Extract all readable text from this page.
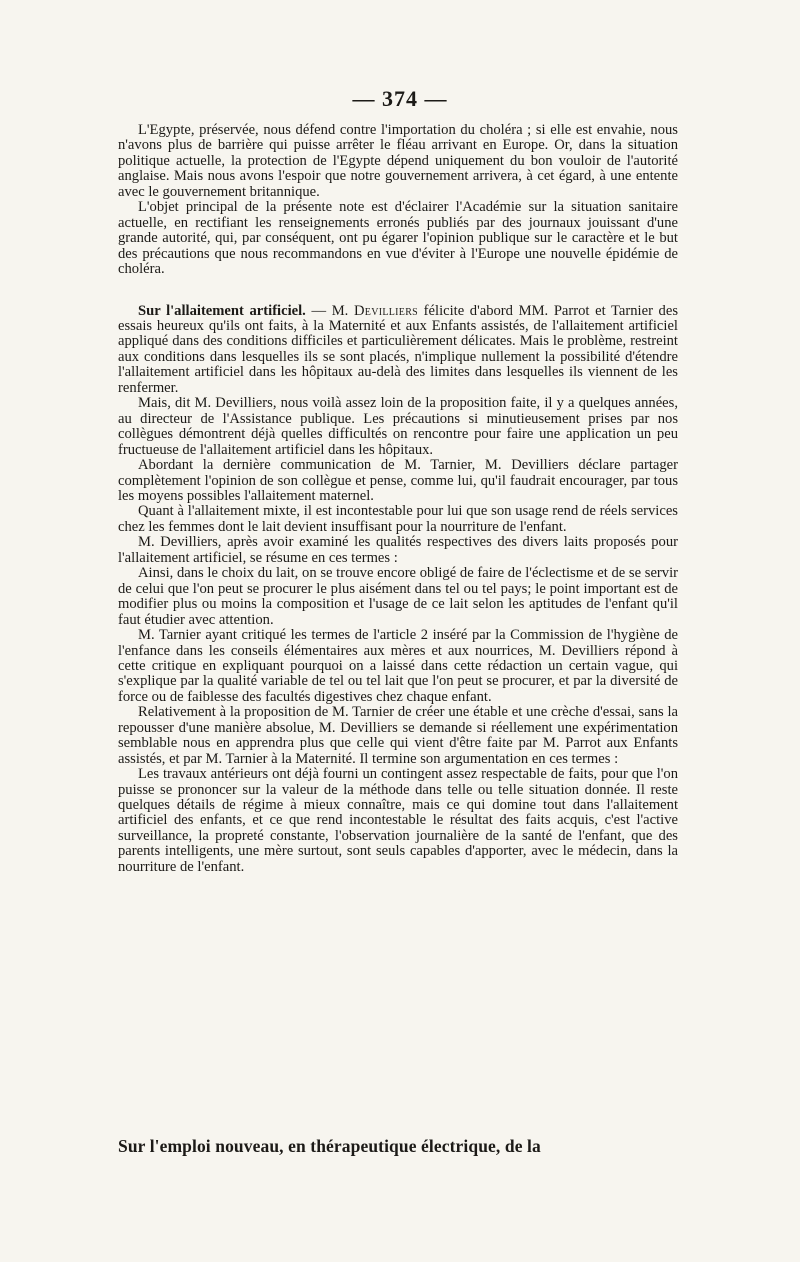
— 374 —

L'Egypte, préservée, nous défend contre l'importation du choléra ; si elle est envahie, nous n'avons plus de barrière qui puisse arrêter le fléau arrivant en Europe. Or, dans la situation politique actuelle, la protection de l'Egypte dépend uniquement du bon vouloir de l'autorité anglaise. Mais nous avons l'espoir que notre gouvernement arrivera, à cet égard, à une entente avec le gouvernement britannique.

L'objet principal de la présente note est d'éclairer l'Académie sur la situation sanitaire actuelle, en rectifiant les renseignements erronés publiés par des journaux jouissant d'une grande autorité, qui, par conséquent, ont pu égarer l'opinion publique sur le caractère et le but des précautions que nous recommandons en vue d'éviter à l'Europe une nouvelle épidémie de choléra.

Sur l'allaitement artificiel. — M. Devilliers félicite d'abord MM. Parrot et Tarnier des essais heureux qu'ils ont faits, à la Maternité et aux Enfants assistés, de l'allaitement artificiel appliqué dans des conditions difficiles et particulièrement délicates. Mais le problème, restreint aux conditions dans lesquelles ils se sont placés, n'implique nullement la possibilité d'étendre l'allaitement artificiel dans les hôpitaux au-delà des limites dans lesquelles ils viennent de les renfermer.

Mais, dit M. Devilliers, nous voilà assez loin de la proposition faite, il y a quelques années, au directeur de l'Assistance publique. Les précautions si minutieusement prises par nos collègues démontrent déjà quelles difficultés on rencontre pour faire une application un peu fructueuse de l'allaitement artificiel dans les hôpitaux.

Abordant la dernière communication de M. Tarnier, M. Devilliers déclare partager complètement l'opinion de son collègue et pense, comme lui, qu'il faudrait encourager, par tous les moyens possibles l'allaitement maternel.

Quant à l'allaitement mixte, il est incontestable pour lui que son usage rend de réels services chez les femmes dont le lait devient insuffisant pour la nourriture de l'enfant.

M. Devilliers, après avoir examiné les qualités respectives des divers laits proposés pour l'allaitement artificiel, se résume en ces termes :

Ainsi, dans le choix du lait, on se trouve encore obligé de faire de l'éclectisme et de se servir de celui que l'on peut se procurer le plus aisément dans tel ou tel pays; le point important est de modifier plus ou moins la composition et l'usage de ce lait selon les aptitudes de l'enfant qu'il faut étudier avec attention.

M. Tarnier ayant critiqué les termes de l'article 2 inséré par la Commission de l'hygiène de l'enfance dans les conseils élémentaires aux mères et aux nourrices, M. Devilliers répond à cette critique en expliquant pourquoi on a laissé dans cette rédaction un certain vague, qui s'explique par la qualité variable de tel ou tel lait que l'on peut se procurer, et par la diversité de force ou de faiblesse des facultés digestives chez chaque enfant.

Relativement à la proposition de M. Tarnier de créer une étable et une crèche d'essai, sans la repousser d'une manière absolue, M. Devilliers se demande si réellement une expérimentation semblable nous en apprendra plus que celle qui vient d'être faite par M. Parrot aux Enfants assistés, et par M. Tarnier à la Maternité. Il termine son argumentation en ces termes :

Les travaux antérieurs ont déjà fourni un contingent assez respectable de faits, pour que l'on puisse se prononcer sur la valeur de la méthode dans telle ou telle situation donnée. Il reste quelques détails de régime à mieux connaître, mais ce qui domine tout dans l'allaitement artificiel des enfants, et ce que rend incontestable le résultat des faits acquis, c'est l'active surveillance, la propreté constante, l'observation journalière de la santé de l'enfant, que des parents intelligents, une mère surtout, sont seuls capables d'apporter, avec le médecin, dans la nourriture de l'enfant.

Sur l'emploi nouveau, en thérapeutique électrique, de la
